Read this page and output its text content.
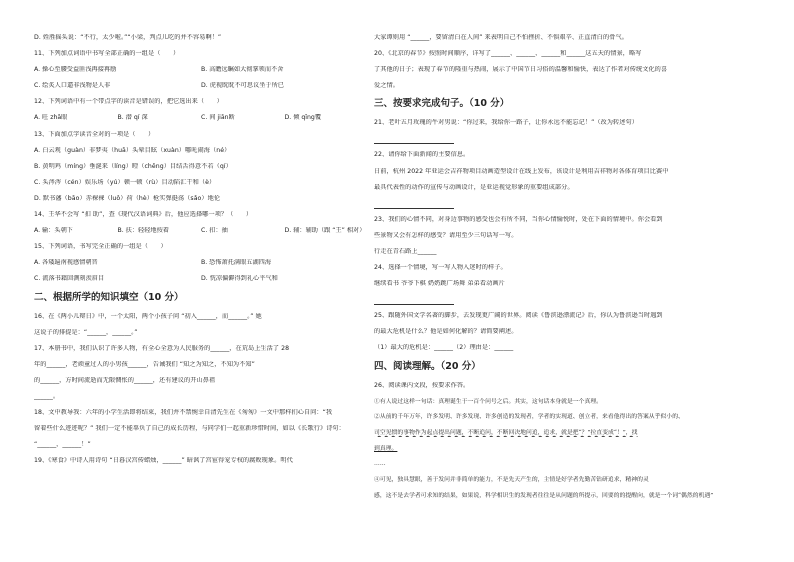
D. 姓胜摇头说：“不行，太少啦。”“小梁，判点儿吃的并不容易啊！”
11、下列加点词语中书写全部正确的一组是（　　）
A. 操心至腰受益匪浅再接再励	B. 高瞻远瞩如大彻掌领而不舍
C. 绘炙人口逼非浅物是人非	D. 虎视眈眈不可思议坐于所已
12、下列词语中有一个带点字的读音是错误的，把它选出来（　　）
A. 旺 zhā眼	B. 潜 qí 深	C. 间 jiān断	D. 倾 qīng覆
13、下面加点字读音全对的一项是（　　）
A. 白云观（guàn）非梦夷（huā）头晕目眩（xuàn）哪吒闹海（né）
B. 黄明鸡（míng）垂涎来（líng）瞪（chēng）目结舌得意不若（qí）
C. 头涔涔（cén）娱乐场（yú）顿一顿（rù）目动陷汇干和（è）
D. 默书藩（bāo）赤裸裸（luǒ）荷（hè）枪实弹挺荡（sǎo）地伦
14、王华不会写 “扣 助”，查《现代汉语词典》后，他应选择哪一项？（　　）
A. 输：头朝下	B. 扶：轻轻地按着	C. 扣：抽	D. 辅：辅助（跟 “王” 相对）
15、下列词语，书写完全正确的一组是（　　）
A. 各矮遍南视感情朝晋	B. 恐怖萧托满眼五湖四海
C. 流落书籍回测刻羡眉目	D. 恍凉偏僻得到礼心平气和
二、根据所学的知识填空（10 分）
16、在《两小儿辩日》中，一个太阳，两个小孩子问 “初入______，而______。” 她
这说子的排提是：“______，______。”
17、本册书中，我们认识了许多人物，有全心全意为人民服务的______，在荒岛上生活了 28
年的______，老顽童过人的小男孩______，告诫我们 “知之为知之，不知为不知”
的______，方时间流逝而无限惆怅的______，还有建议的开山鼻祖
______。
18、文中教导我：六年的小学生活即将结束，我们并不禁惋幸自清先生在《匆匆》一文中那样扪心自问：“我
留着些什么迹迹呢？” 我们一定不能辜负了自己的成长历程，与同学们一起重新珍惜时间，如以《长歌行》诗句：
“______，______！”
19、《寒食》中诗人用诗句 “日暮汉宫传蜡烛，______” 暗讽了宫宦得宠专权的腐败现象。明代
大家谭则用 “______，要留清白在人间” 来表明自己不怕挫折、不惧艰辛、正直清白的骨气。
20、《北京的春节》按照时间顺序，详写了______、______、______和______这五天的情景，略写
了其他的日子；表现了春节的隆重与热闹，展示了中国节日习俗的温馨和愉快，表达了作者对传统文化的喜
爱之情。
三、按要求完成句子。（10 分）
21、老叶五月玫瑰的牛对男说：“你过来，我给你一路子，让你永远不能忘记！”（改为转述句）
22、请你给下面新闻的主要信息。
日前，杭州 2022 年亚运会吉祥物项目动画造型设计在线上发布，该设计是利用吉祥物对各体育项目比赛中
最具代表性的动作的宣传与动画设计，是亚运视觉形象的重要组成部分。
23、我们的心情不同，对身边事物的感受也会有所不同，当你心情愉悦时，处在下面的情境中。你会看到
些景物又会有怎样的感受？请用至少三句话写一写。
行走在青石路上______
24、选择一个情境，写一写人物入迷时的样子。
继续看书 爷爷下棋 奶奶跳广场舞 弟弟看动画片
25、跟随外国文学名著的脚步，去发现更广阔的世界。阅读《鲁滨逊漂流记》后，你认为鲁滨逊当时遇到
的最大危机是什么？他是如何化解的？请简要阐述。
（1）最大的危机是：______（2）理由是：______
四、阅读理解。（20 分）
26、阅读课内文段，按要求作答。
①有人说过这样一句话：真理诞生于一百个问号之后。其实，这句话本身就是一个真理。
②从前的千年万年，许多发明、许多发现、许多创造的发现者，学者的实现道、创立者，来看他得出的答案从乎似小的、
司空见惯的事物作为起点提出问题，不断追问，不断回决地问追，追求，就是把“？”拉直变成“！”，找
到真理。
……
④可见，独具慧眼，善于发问并非简单的能力，不是先天产生的，主情是好学者先勤苦钻研追求，精神的灵
感，这不是去学者可求知的结果，如果说，科学相识生的发现者往往是从问题的所提示，回要的的提醒向，就是一个词“偶然的机遇”
